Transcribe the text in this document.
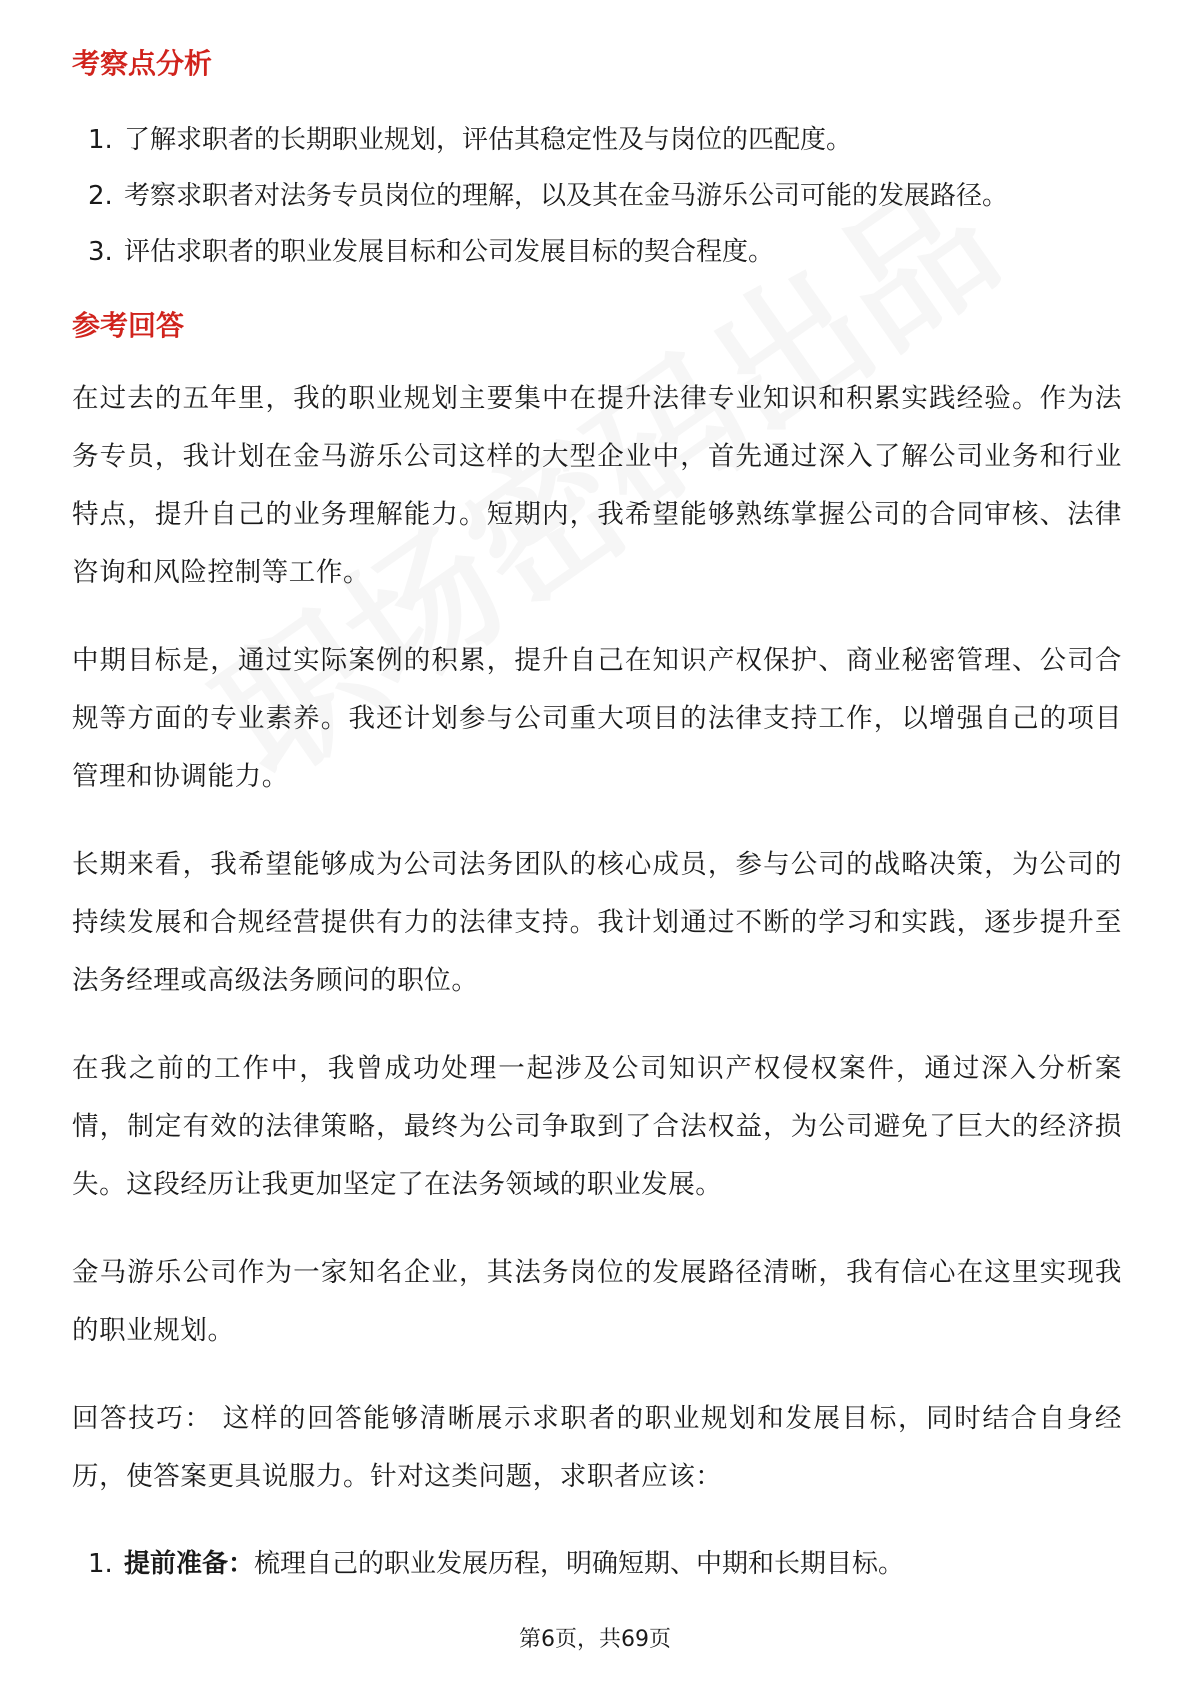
考察点分析
1. 了解求职者的长期职业规划，评估其稳定性及与岗位的匹配度。
2. 考察求职者对法务专员岗位的理解，以及其在金马游乐公司可能的发展路径。
3. 评估求职者的职业发展目标和公司发展目标的契合程度。
参考回答

在过去的五年里，我的职业规划主要集中在提升法律专业知识和积累实践经验。作为法务专员，我计划在金马游乐公司这样的大型企业中，首先通过深入了解公司业务和行业特点，提升自己的业务理解能力。短期内，我希望能够熟练掌握公司的合同审核、法律咨询和风险控制等工作。

中期目标是，通过实际案例的积累，提升自己在知识产权保护、商业秘密管理、公司合规等方面的专业素养。我还计划参与公司重大项目的法律支持工作，以增强自己的项目管理和协调能力。

长期来看，我希望能够成为公司法务团队的核心成员，参与公司的战略决策，为公司的持续发展和合规经营提供有力的法律支持。我计划通过不断的学习和实践，逐步提升至法务经理或高级法务顾问的职位。

在我之前的工作中，我曾成功处理一起涉及公司知识产权侵权案件，通过深入分析案情，制定有效的法律策略，最终为公司争取到了合法权益，为公司避免了巨大的经济损失。这段经历让我更加坚定了在法务领域的职业发展。

金马游乐公司作为一家知名企业，其法务岗位的发展路径清晰，我有信心在这里实现我的职业规划。

回答技巧： 这样的回答能够清晰展示求职者的职业规划和发展目标，同时结合自身经历，使答案更具说服力。针对这类问题，求职者应该：

1. 提前准备：梳理自己的职业发展历程，明确短期、中期和长期目标。
第6页，共69页
